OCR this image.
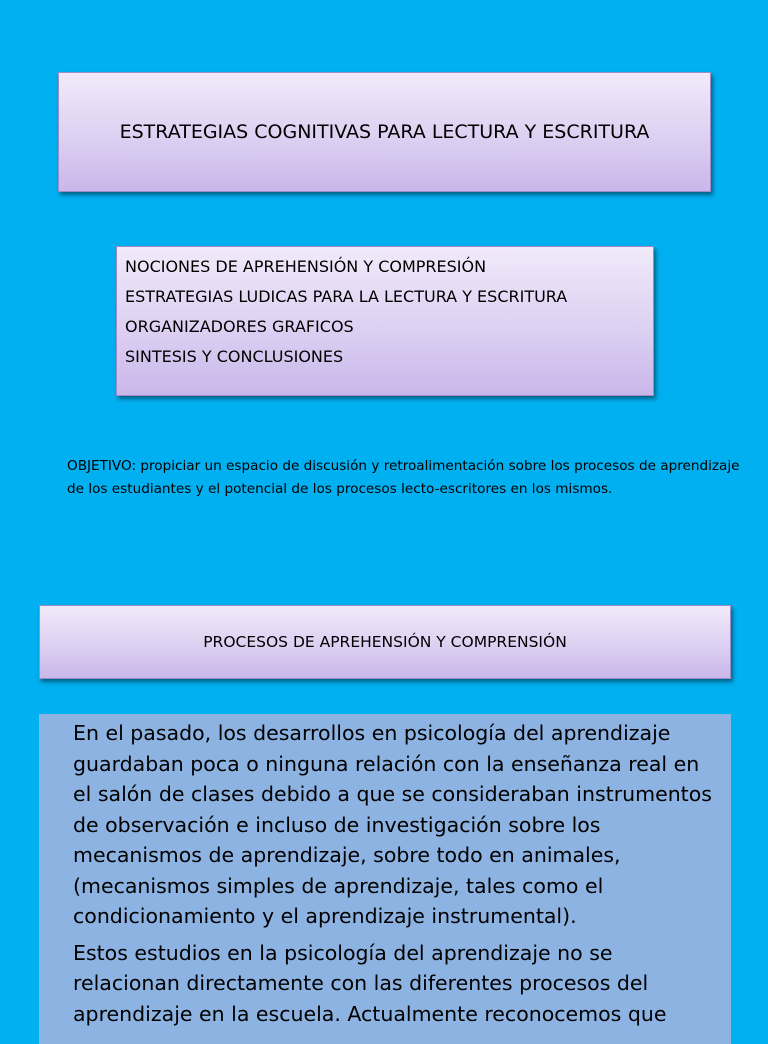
ESTRATEGIAS COGNITIVAS PARA LECTURA Y ESCRITURA
NOCIONES DE APREHENSIÓN Y COMPRESIÓN
ESTRATEGIAS LUDICAS PARA LA LECTURA Y ESCRITURA
ORGANIZADORES GRAFICOS
SINTESIS Y CONCLUSIONES
OBJETIVO: propiciar un espacio de discusión y retroalimentación sobre los procesos de aprendizaje de los estudiantes y el potencial de los procesos lecto-escritores en los mismos.
PROCESOS DE APREHENSIÓN Y COMPRENSIÓN

En el pasado, los desarrollos en psicología del aprendizaje guardaban poca o ninguna relación con la enseñanza real en el salón de clases debido a que se consideraban instrumentos de observación e incluso de investigación sobre los mecanismos de aprendizaje, sobre todo en animales, (mecanismos simples de aprendizaje, tales como el condicionamiento y el aprendizaje instrumental).

Estos estudios en la psicología del aprendizaje no se relacionan directamente con las diferentes procesos del aprendizaje en la escuela. Actualmente reconocemos que
